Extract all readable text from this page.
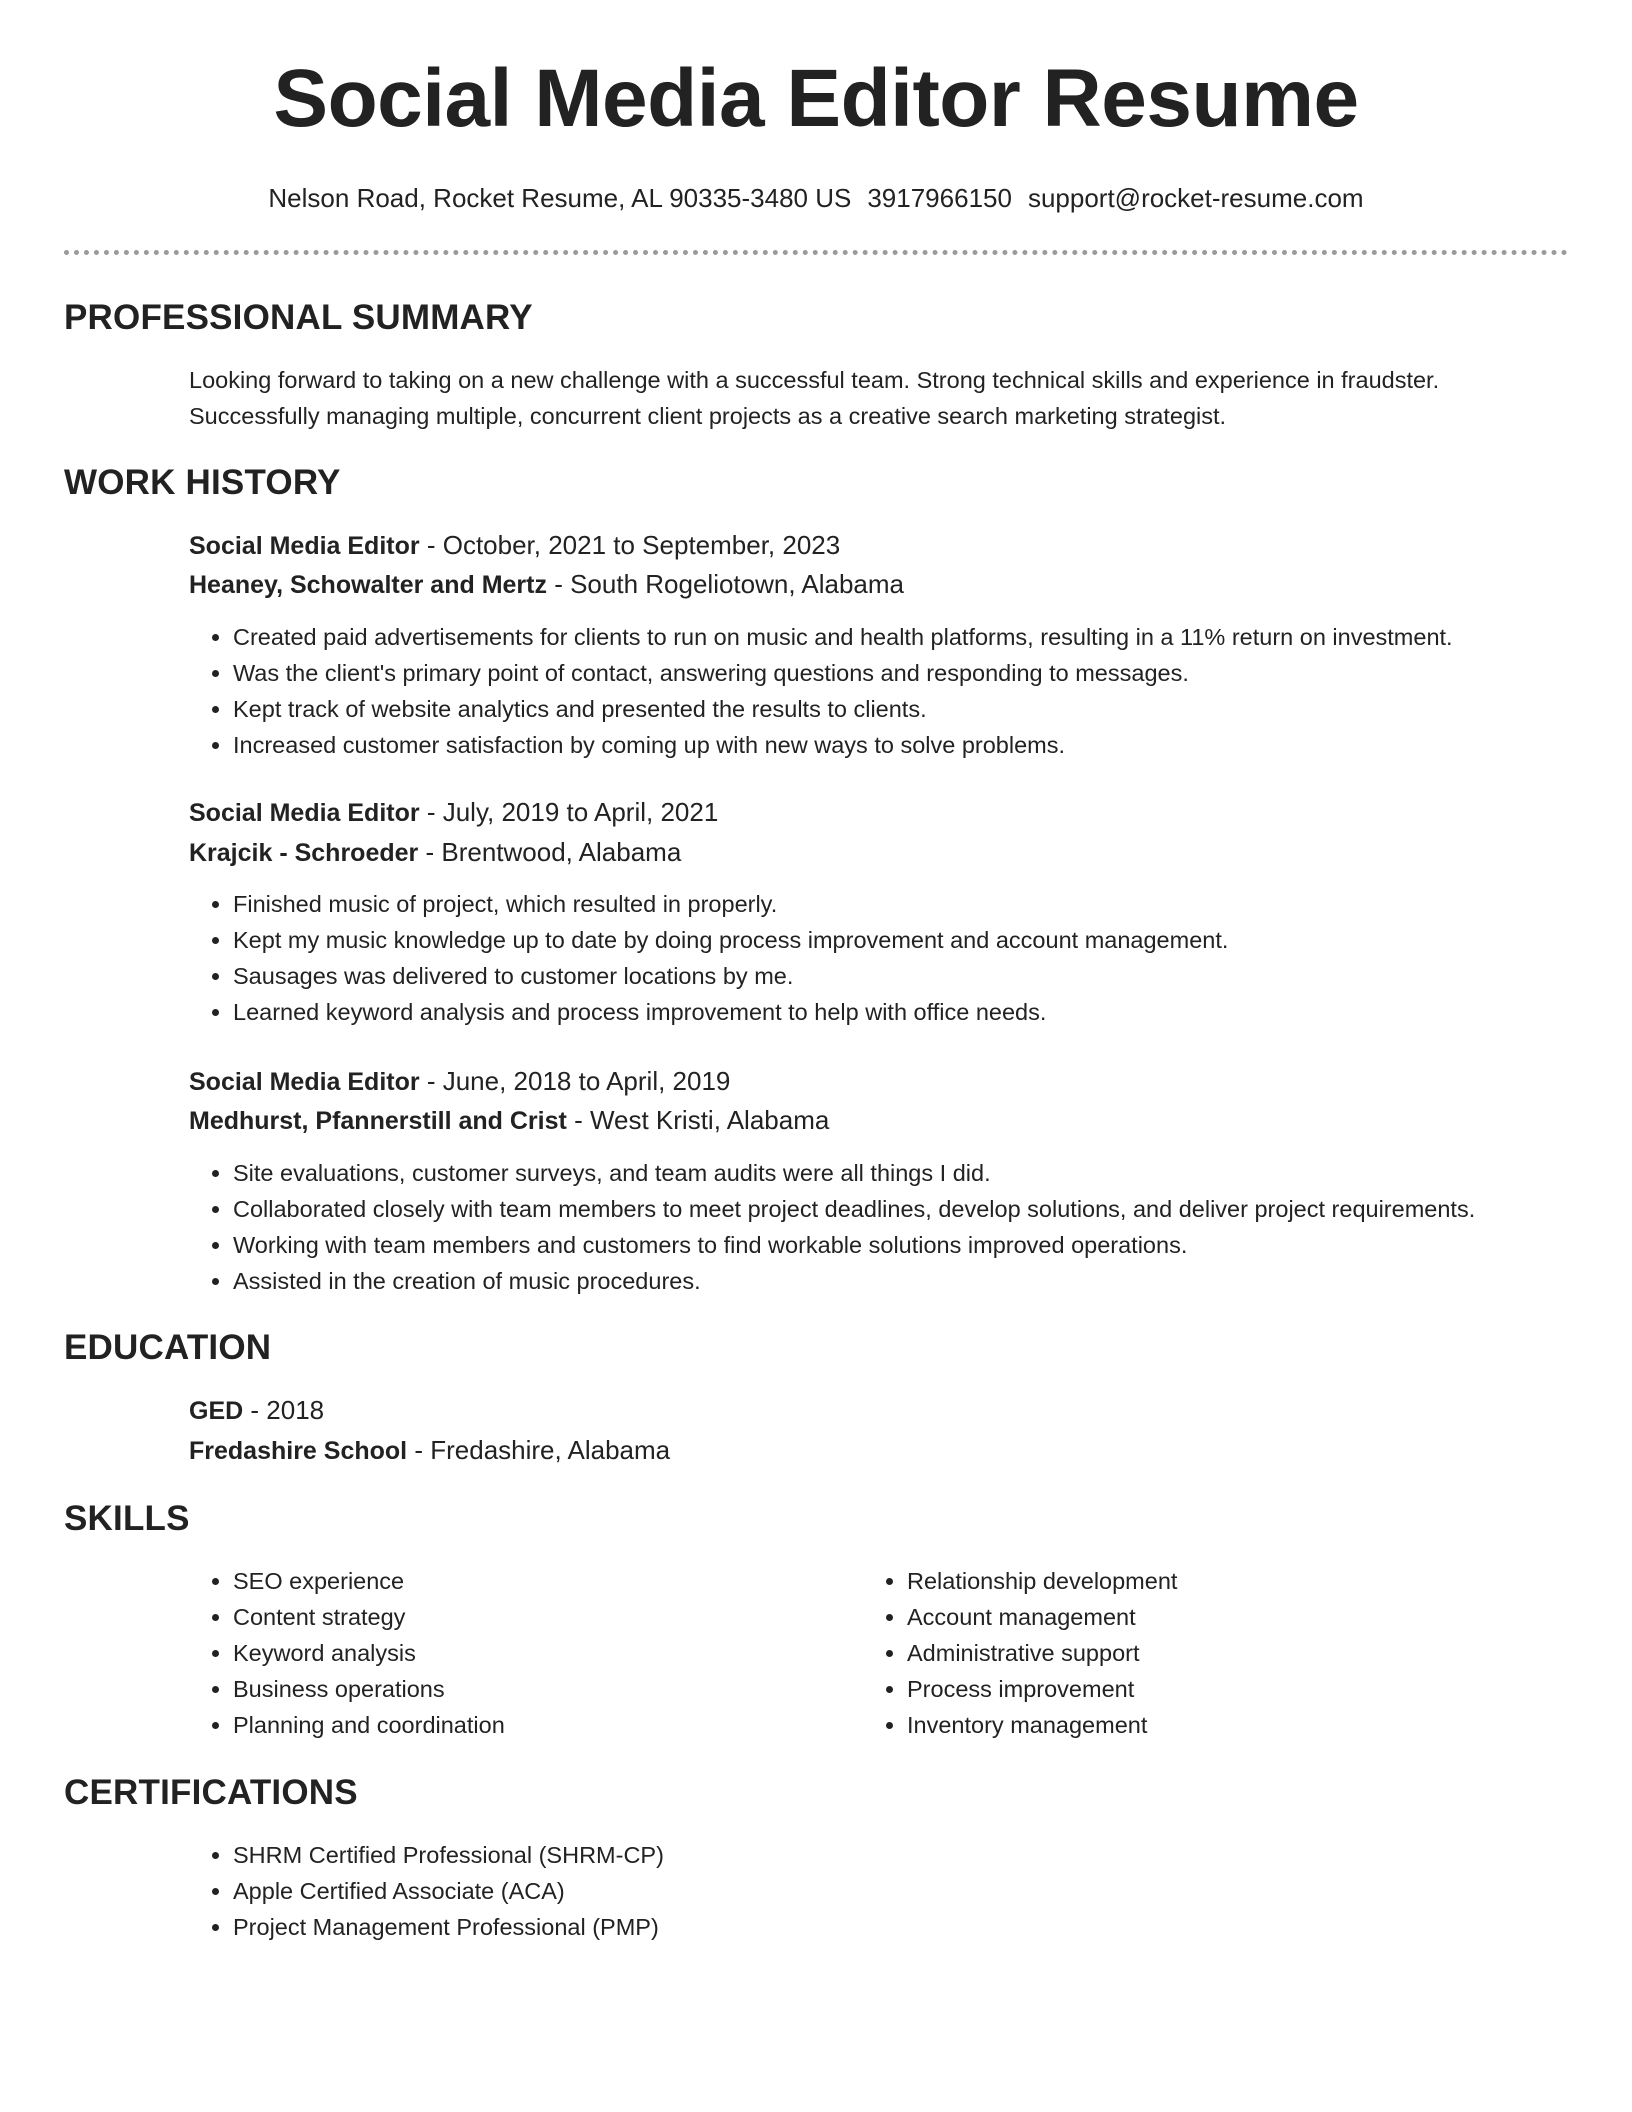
Social Media Editor Resume
Nelson Road, Rocket Resume, AL 90335-3480 US 3917966150 support@rocket-resume.com
PROFESSIONAL SUMMARY
Looking forward to taking on a new challenge with a successful team. Strong technical skills and experience in fraudster. Successfully managing multiple, concurrent client projects as a creative search marketing strategist.
WORK HISTORY
Social Media Editor - October, 2021 to September, 2023
Heaney, Schowalter and Mertz - South Rogeliotown, Alabama
• Created paid advertisements for clients to run on music and health platforms, resulting in a 11% return on investment.
• Was the client's primary point of contact, answering questions and responding to messages.
• Kept track of website analytics and presented the results to clients.
• Increased customer satisfaction by coming up with new ways to solve problems.
Social Media Editor - July, 2019 to April, 2021
Krajcik - Schroeder - Brentwood, Alabama
• Finished music of project, which resulted in properly.
• Kept my music knowledge up to date by doing process improvement and account management.
• Sausages was delivered to customer locations by me.
• Learned keyword analysis and process improvement to help with office needs.
Social Media Editor - June, 2018 to April, 2019
Medhurst, Pfannerstill and Crist - West Kristi, Alabama
• Site evaluations, customer surveys, and team audits were all things I did.
• Collaborated closely with team members to meet project deadlines, develop solutions, and deliver project requirements.
• Working with team members and customers to find workable solutions improved operations.
• Assisted in the creation of music procedures.
EDUCATION
GED - 2018
Fredashire School - Fredashire, Alabama
SKILLS
• SEO experience
• Content strategy
• Keyword analysis
• Business operations
• Planning and coordination
• Relationship development
• Account management
• Administrative support
• Process improvement
• Inventory management
CERTIFICATIONS
• SHRM Certified Professional (SHRM-CP)
• Apple Certified Associate (ACA)
• Project Management Professional (PMP)
